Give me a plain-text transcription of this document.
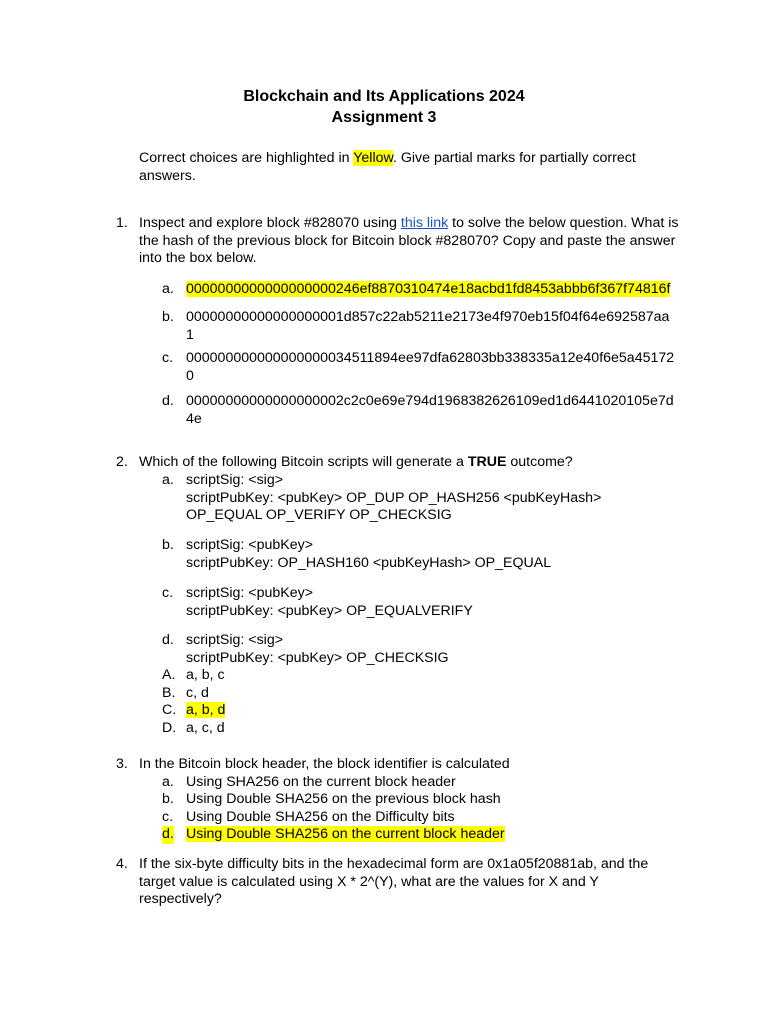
Blockchain and Its Applications 2024
Assignment 3
Correct choices are highlighted in Yellow. Give partial marks for partially correct answers.
1. Inspect and explore block #828070 using this link to solve the below question. What is the hash of the previous block for Bitcoin block #828070? Copy and paste the answer into the box below.
a. 0000000000000000000246ef8870310474e18acbd1fd8453abbb6f367f74816f
b. 00000000000000000001d857c22ab5211e2173e4f970eb15f04f64e692587aa1
c. 000000000000000000034511894ee97dfa62803bb338335a12e40f6e5a451720
d. 00000000000000000002c2c0e69e794d1968382626109ed1d6441020105e7d4e
2. Which of the following Bitcoin scripts will generate a TRUE outcome?
a. scriptSig: <sig>
scriptPubKey: <pubKey> OP_DUP OP_HASH256 <pubKeyHash> OP_EQUAL OP_VERIFY OP_CHECKSIG
b. scriptSig: <pubKey>
scriptPubKey: OP_HASH160 <pubKeyHash> OP_EQUAL
c. scriptSig: <pubKey>
scriptPubKey: <pubKey> OP_EQUALVERIFY
d. scriptSig: <sig>
scriptPubKey: <pubKey> OP_CHECKSIG
A. a, b, c
B. c, d
C. a, b, d
D. a, c, d
3. In the Bitcoin block header, the block identifier is calculated
a. Using SHA256 on the current block header
b. Using Double SHA256 on the previous block hash
c. Using Double SHA256 on the Difficulty bits
d. Using Double SHA256 on the current block header
4. If the six-byte difficulty bits in the hexadecimal form are 0x1a05f20881ab, and the target value is calculated using X * 2^(Y), what are the values for X and Y respectively?
